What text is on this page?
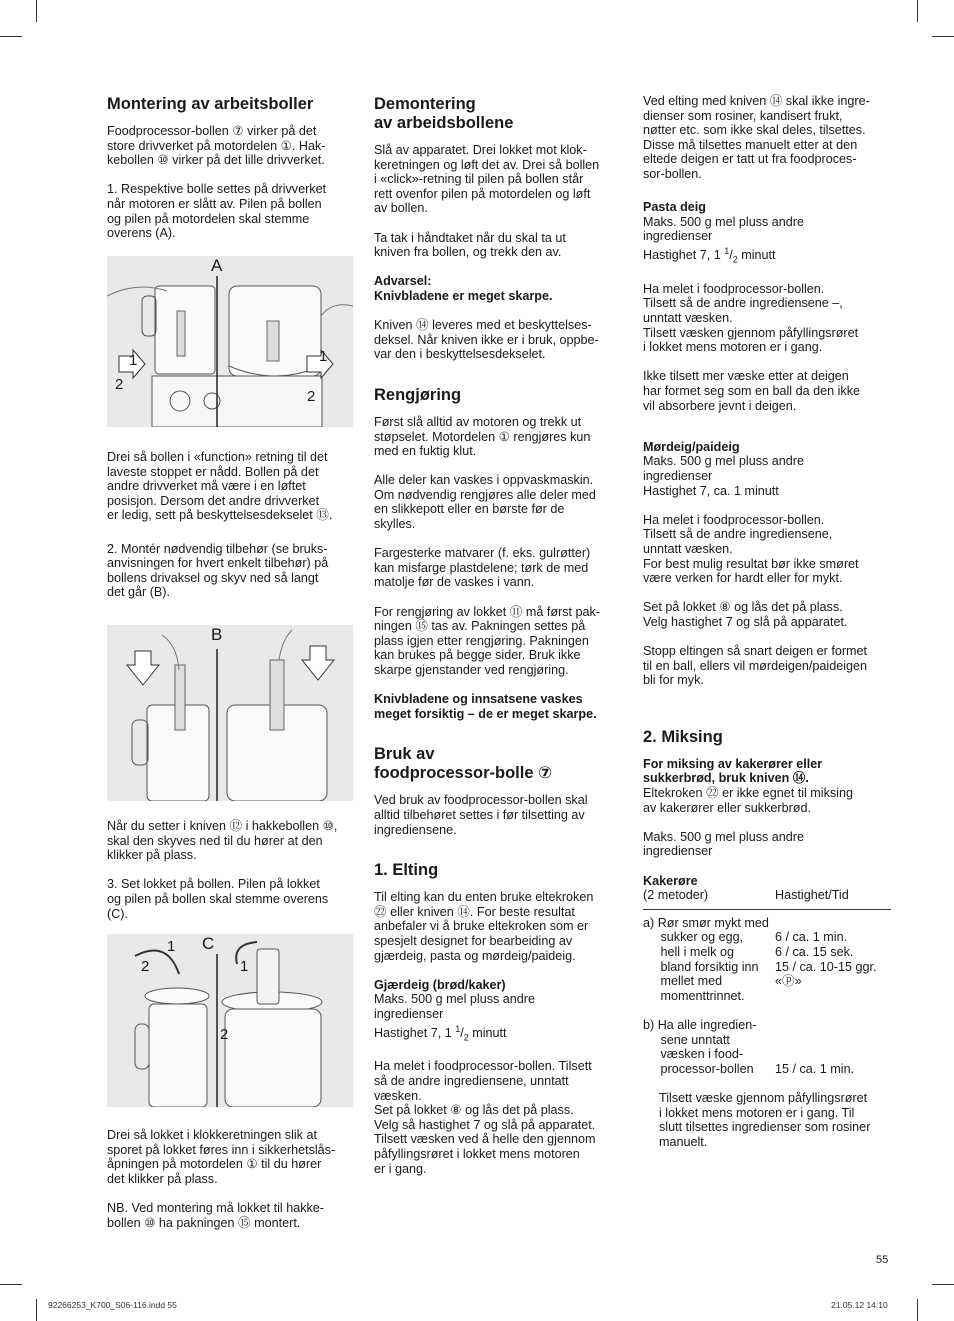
Montering av arbeitsboller

Foodprocessor-bollen ⑦ virker på det
store drivverket på motordelen ①. Hak-
kebollen ⑩ virker på det lille drivverket.

1. Respektive bolle settes på drivverket
når motoren er slått av. Pilen på bollen
og pilen på motordelen skal stemme
overens (A).

A
1
2
1
2

Drei så bollen i «function» retning til det
laveste stoppet er nådd. Bollen på det
andre drivverket må være i en løftet
posisjon. Dersom det andre drivverket
er ledig, sett på beskyttelsesdekselet ⑬.

2. Montér nødvendig tilbehør (se bruks-
anvisningen for hvert enkelt tilbehør) på
bollens drivaksel og skyv ned så langt
det går (B).

B

Når du setter i kniven ⑫ i hakkebollen ⑩,
skal den skyves ned til du hører at den
klikker på plass.

3. Set lokket på bollen. Pilen på lokket
og pilen på bollen skal stemme overens
(C).

C
1
2	1
2

Drei så lokket i klokkeretningen slik at
sporet på lokket føres inn i sikkerhetslås-
åpningen på motordelen ① til du hører
det klikker på plass.

NB. Ved montering må lokket til hakke-
bollen ⑩ ha pakningen ⑮ montert.

Demontering
av arbeidsbollene

Slå av apparatet. Drei lokket mot klok-
keretningen og løft det av. Drei så bollen
i «click»-retning til pilen på bollen står
rett ovenfor pilen på motordelen og løft
av bollen.

Ta tak i håndtaket når du skal ta ut
kniven fra bollen, og trekk den av.

Advarsel:
Knivbladene er meget skarpe.

Kniven ⑭ leveres med et beskyttelses-
deksel. Når kniven ikke er i bruk, oppbe-
var den i beskyttelsesdekselet.

Rengjøring

Først slå alltid av motoren og trekk ut
støpselet. Motordelen ① rengjøres kun
med en fuktig klut.

Alle deler kan vaskes i oppvaskmaskin.
Om nødvendig rengjøres alle deler med
en slikkepott eller en børste før de
skylles.

Fargesterke matvarer (f. eks. gulrøtter)
kan misfarge plastdelene; tørk de med
matolje før de vaskes i vann.

For rengjøring av lokket ⑪ må først pak-
ningen ⑮ tas av. Pakningen settes på
plass igjen etter rengjøring. Pakningen
kan brukes på begge sider. Bruk ikke
skarpe gjenstander ved rengjøring.

Knivbladene og innsatsene vaskes
meget forsiktig – de er meget skarpe.

Bruk av
foodprocessor-bolle ⑦

Ved bruk av foodprocessor-bollen skal
alltid tilbehøret settes i før tilsetting av
ingrediensene.

1. Elting

Til elting kan du enten bruke eltekroken
㉒ eller kniven ⑭. For beste resultat
anbefaler vi å bruke eltekroken som er
spesjelt designet for bearbeiding av
gjærdeig, pasta og mørdeig/paideig.

Gjærdeig (brød/kaker)

Maks. 500 g mel pluss andre
ingredienser

Hastighet 7, 1 $^1/_2$ minutt

Ha melet i foodprocessor-bollen. Tilsett
så de andre ingrediensene, unntatt
væsken.
Set på lokket ⑧ og lås det på plass.
Velg så hastighet 7 og slå på apparatet.
Tilsett væsken ved å helle den gjennom
påfyllingsrøret i lokket mens motoren
er i gang.

Ved elting med kniven ⑭ skal ikke ingre-
dienser som rosiner, kandisert frukt,
nøtter etc. som ikke skal deles, tilsettes.
Disse må tilsettes manuelt etter at den
eltede deigen er tatt ut fra foodproces-
sor-bollen.

Pasta deig

Maks. 500 g mel pluss andre
ingredienser

Hastighet 7, 1 $^1/_2$ minutt

Ha melet i foodprocessor-bollen.
Tilsett så de andre ingrediensene –,
unntatt væsken.
Tilsett væsken gjennom påfyllingsrøret
i lokket mens motoren er i gang.

Ikke tilsett mer væske etter at deigen
har formet seg som en ball da den ikke
vil absorbere jevnt i deigen.

Mørdeig/paideig

Maks. 500 g mel pluss andre
ingredienser
Hastighet 7, ca. 1 minutt

Ha melet i foodprocessor-bollen.
Tilsett så de andre ingrediensene,
unntatt væsken.
For best mulig resultat bør ikke smøret
være verken for hardt eller for mykt.

Set på lokket ⑧ og lås det på plass.
Velg hastighet 7 og slå på apparatet.

Stopp eltingen så snart deigen er formet
til en ball, ellers vil mørdeigen/paideigen
bli for myk.

2. Miksing

For miksing av kakerører eller
sukkerbrød, bruk kniven ⑭.

Eltekroken ㉒ er ikke egnet til miksing
av kakerører eller sukkerbrød.

Maks. 500 g mel pluss andre
ingredienser

Kakerøre

(2 metoder)	Hastighet/Tid
a) Rør smør mykt med	
sukker og egg,	6 / ca. 1 min.
hell i melk og	6 / ca. 15 sek.
bland forsiktig inn	15 / ca. 10-15 ggr.
mellet med	«ⓟ»
momenttrinnet.	
b) Ha alle ingredien-	
sene unntatt	
væsken i food-	
processor-bollen	15 / ca. 1 min.

Tilsett væske gjennom påfyllingsrøret
i lokket mens motoren er i gang. Til
slutt tilsettes ingredienser som rosiner
manuelt.

55
92266253_K700_S06-116.indd 55	21.05.12 14:10
